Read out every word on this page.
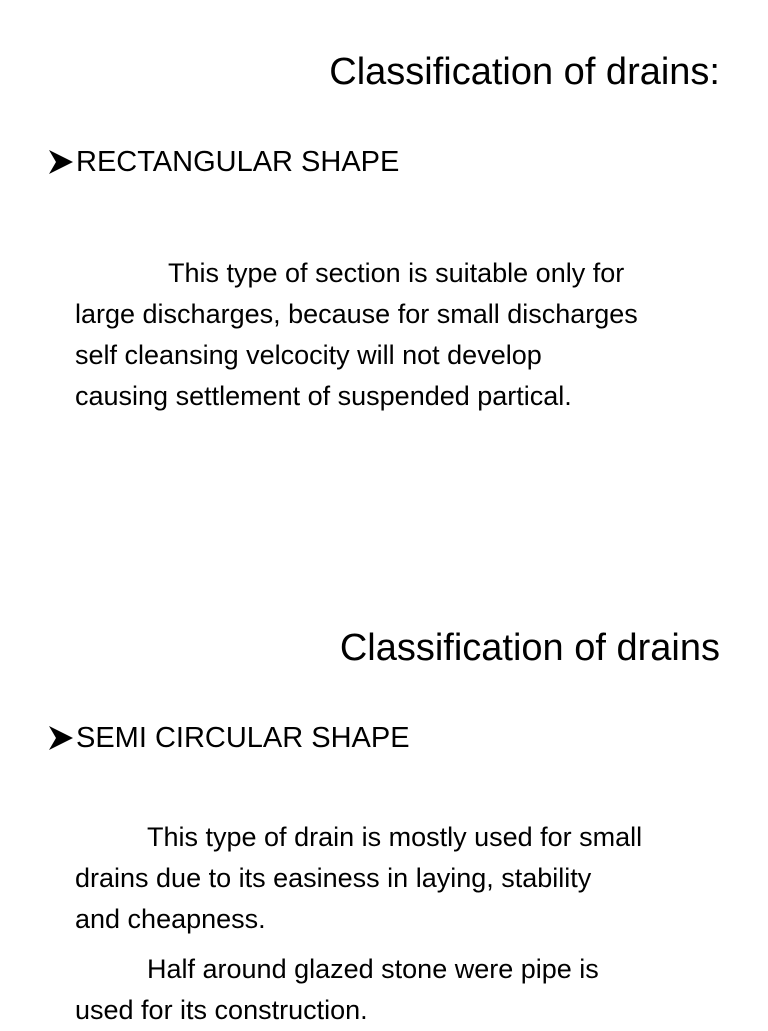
Classification of drains:
RECTANGULAR SHAPE

This type of section is suitable only for
large discharges, because for small discharges
self cleansing velcocity will not develop
causing settlement of suspended partical.

Classification of drains
SEMI CIRCULAR SHAPE

This type of drain is mostly used for small
drains due to its easiness in laying, stability
and cheapness.

Half around glazed stone were pipe is
used for its construction.
